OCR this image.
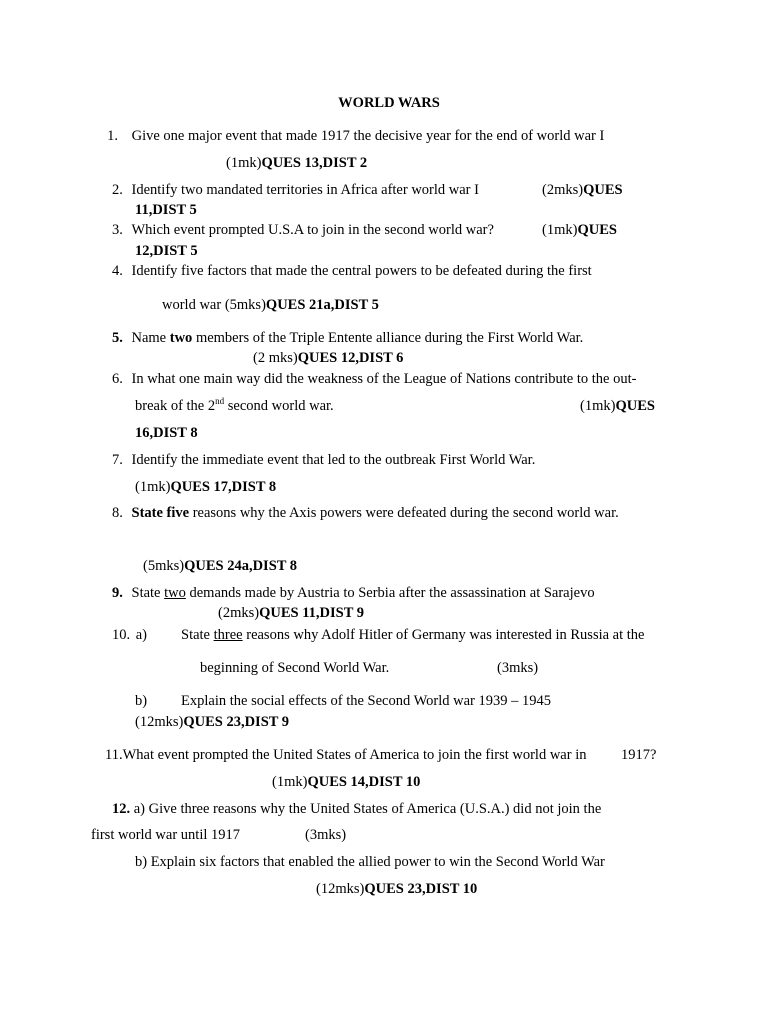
WORLD WARS
1. Give one major event that made 1917 the decisive year for the end of world war I
(1mk)QUES 13,DIST 2
2. Identify two mandated territories in Africa after world war I	(2mks)QUES
11,DIST 5
3. Which event prompted U.S.A to join in the second world war?	(1mk)QUES
12,DIST 5
4. Identify five factors that made the central powers to be defeated during the first
world war (5mks)QUES 21a,DIST 5
5. Name two members of the Triple Entente alliance during the First World War.
(2 mks)QUES 12,DIST 6
6. In what one main way did the weakness of the League of Nations contribute to the out-
break of the 2nd second world war.	(1mk)QUES
16,DIST 8
7. Identify the immediate event that led to the outbreak First World War.
(1mk)QUES 17,DIST 8
8. State five reasons why the Axis powers were defeated during the second world war.
(5mks)QUES 24a,DIST 8
9. State two demands made by Austria to Serbia after the assassination at Sarajevo
(2mks)QUES 11,DIST 9
10. a) State three reasons why Adolf Hitler of Germany was interested in Russia at the
beginning of Second World War.	(3mks)
b) Explain the social effects of the Second World war 1939 – 1945
(12mks)QUES 23,DIST 9
11.What event prompted the United States of America to join the first world war in 1917?
(1mk)QUES 14,DIST 10
12. a) Give three reasons why the United States of America (U.S.A.) did not join the
first world war until 1917	(3mks)
b) Explain six factors that enabled the allied power to win the Second World War
(12mks)QUES 23,DIST 10
